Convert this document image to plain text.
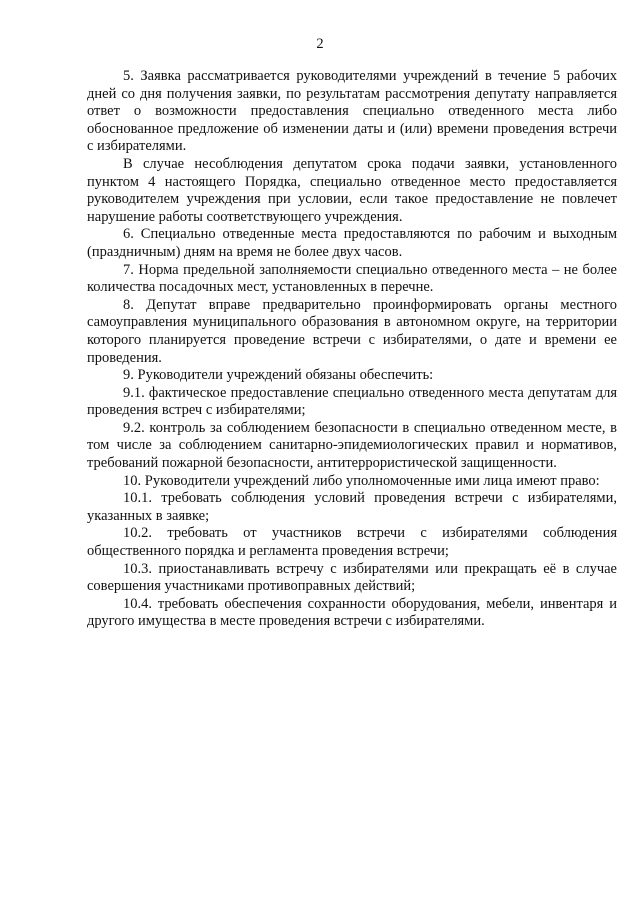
2

5. Заявка рассматривается руководителями учреждений в течение 5 рабочих дней со дня получения заявки, по результатам рассмотрения депутату направляется ответ о возможности предоставления специально отведенного места либо обоснованное предложение об изменении даты и (или) времени проведения встречи с избирателями.

В случае несоблюдения депутатом срока подачи заявки, установленного пунктом 4 настоящего Порядка, специально отведенное место предоставляется руководителем учреждения при условии, если такое предоставление не повлечет нарушение работы соответствующего учреждения.

6. Специально отведенные места предоставляются по рабочим и выходным (праздничным) дням на время не более двух часов.

7. Норма предельной заполняемости специально отведенного места – не более количества посадочных мест, установленных в перечне.

8. Депутат вправе предварительно проинформировать органы местного самоуправления муниципального образования в автономном округе, на территории которого планируется проведение встречи с избирателями, о дате и времени ее проведения.

9. Руководители учреждений обязаны обеспечить:

9.1. фактическое предоставление специально отведенного места депутатам для проведения встреч с избирателями;

9.2. контроль за соблюдением безопасности в специально отведенном месте, в том числе за соблюдением санитарно-эпидемиологических правил и нормативов, требований пожарной безопасности, антитеррористической защищенности.

10. Руководители учреждений либо уполномоченные ими лица имеют право:

10.1. требовать соблюдения условий проведения встречи с избирателями, указанных в заявке;

10.2. требовать от участников встречи с избирателями соблюдения общественного порядка и регламента проведения встречи;

10.3. приостанавливать встречу с избирателями или прекращать её в случае совершения участниками противоправных действий;

10.4. требовать обеспечения сохранности оборудования, мебели, инвентаря и другого имущества в месте проведения встречи с избирателями.
